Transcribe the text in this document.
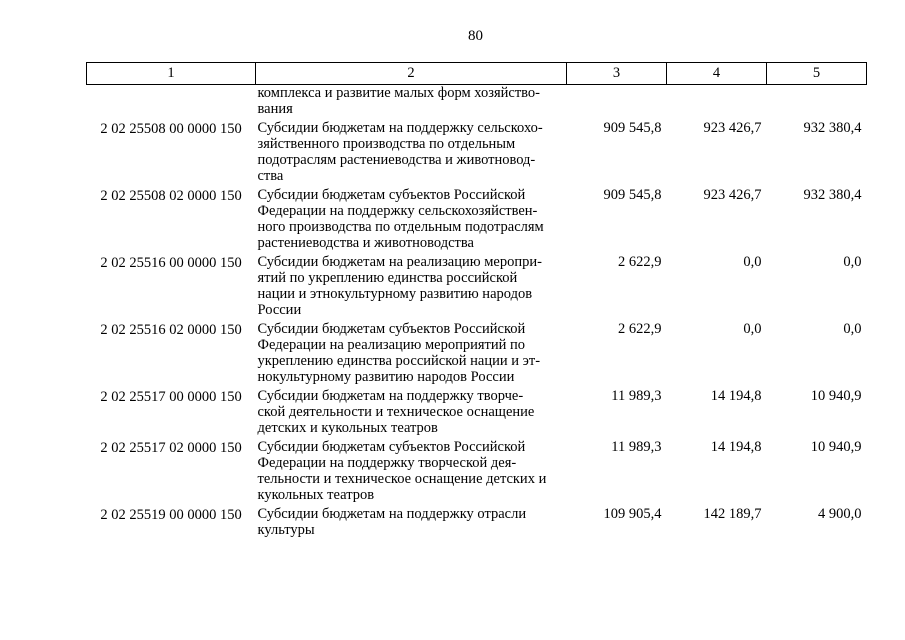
80
1	2	3	4	5

	комплекса и развитие малых форм хозяйство-
вания			

2 02 25508 00 0000 150	Субсидии бюджетам на поддержку сельскохо-
зяйственного производства по отдельным
подотраслям растениеводства и животновод-
ства	909 545,8	923 426,7	932 380,4
2 02 25508 02 0000 150	Субсидии бюджетам субъектов Российской
Федерации на поддержку сельскохозяйствен-
ного производства по отдельным подотраслям
растениеводства и животноводства	909 545,8	923 426,7	932 380,4
2 02 25516 00 0000 150	Субсидии бюджетам на реализацию меропри-
ятий по укреплению единства российской
нации и этнокультурному развитию народов
России	2 622,9	0,0	0,0
2 02 25516 02 0000 150	Субсидии бюджетам субъектов Российской
Федерации на реализацию мероприятий по
укреплению единства российской нации и эт-
нокультурному развитию народов России	2 622,9	0,0	0,0
2 02 25517 00 0000 150	Субсидии бюджетам на поддержку творче-
ской деятельности и техническое оснащение
детских и кукольных театров	11 989,3	14 194,8	10 940,9
2 02 25517 02 0000 150	Субсидии бюджетам субъектов Российской
Федерации на поддержку творческой дея-
тельности и техническое оснащение детских и
кукольных театров	11 989,3	14 194,8	10 940,9
2 02 25519 00 0000 150	Субсидии бюджетам на поддержку отрасли
культуры	109 905,4	142 189,7	4 900,0
